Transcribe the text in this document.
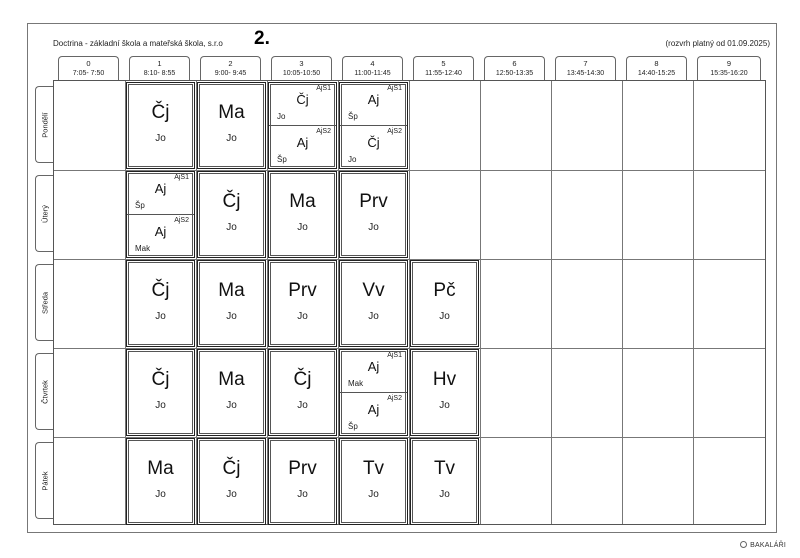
Doctrina - základní škola a mateřská škola, s.r.o 2.	(rozvrh platný od 01.09.2025)
0
7:05- 7:50
1
8:10- 8:55
2
9:00- 9:45
3
10:05-10:50
4
11:00-11:45
5
11:55-12:40
6
12:50-13:35
7
13:45-14:30
8
14:40-15:25
9
15:35-16:20
Pondělí
Úterý
Středa
Čtvrtek
Pátek
Čj
Jo
Ma
Jo
AjS1
Čj
Jo
AjS2
Aj
Šp
AjS1
Aj
Šp
AjS2
Čj
Jo
AjS1
Aj
Šp
AjS2
Aj
Mak
Čj
Jo
Ma
Jo
Prv
Jo
Čj
Jo
Ma
Jo
Prv
Jo
Vv
Jo
Pč
Jo
Čj
Jo
Ma
Jo
Čj
Jo
AjS1
Aj
Mak
AjS2
Aj
Šp
Hv
Jo
Ma
Jo
Čj
Jo
Prv
Jo
Tv
Jo
Tv
Jo
BAKALÁŘI
